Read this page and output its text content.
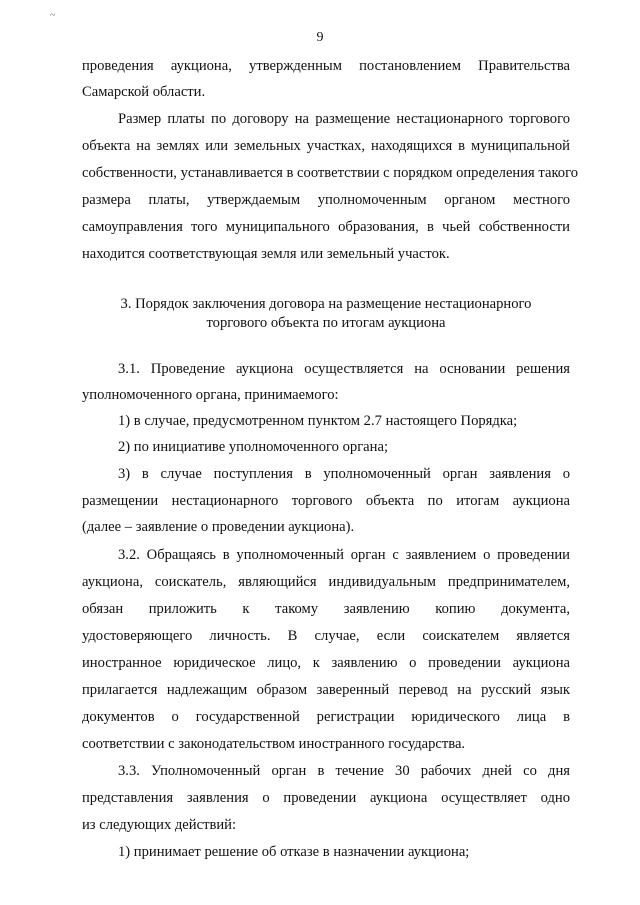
~
9
проведения аукциона, утвержденным постановлением Правительства
Самарской области.
Размер платы по договору на размещение нестационарного торгового
объекта на землях или земельных участках, находящихся в муниципальной
собственности, устанавливается в соответствии с порядком определения такого
размера платы, утверждаемым уполномоченным органом местного
самоуправления того муниципального образования, в чьей собственности
находится соответствующая земля или земельный участок.
3. Порядок заключения договора на размещение нестационарного
торгового объекта по итогам аукциона
3.1. Проведение аукциона осуществляется на основании решения
уполномоченного органа, принимаемого:
1) в случае, предусмотренном пунктом 2.7 настоящего Порядка;
2) по инициативе уполномоченного органа;
3) в случае поступления в уполномоченный орган заявления о
размещении нестационарного торгового объекта по итогам аукциона
(далее – заявление о проведении аукциона).
3.2. Обращаясь в уполномоченный орган с заявлением о проведении
аукциона, соискатель, являющийся индивидуальным предпринимателем,
обязан приложить к такому заявлению копию документа,
удостоверяющего личность. В случае, если соискателем является
иностранное юридическое лицо, к заявлению о проведении аукциона
прилагается надлежащим образом заверенный перевод на русский язык
документов о государственной регистрации юридического лица в
соответствии с законодательством иностранного государства.
3.3. Уполномоченный орган в течение 30 рабочих дней со дня
представления заявления о проведении аукциона осуществляет одно
из следующих действий:
1) принимает решение об отказе в назначении аукциона;
